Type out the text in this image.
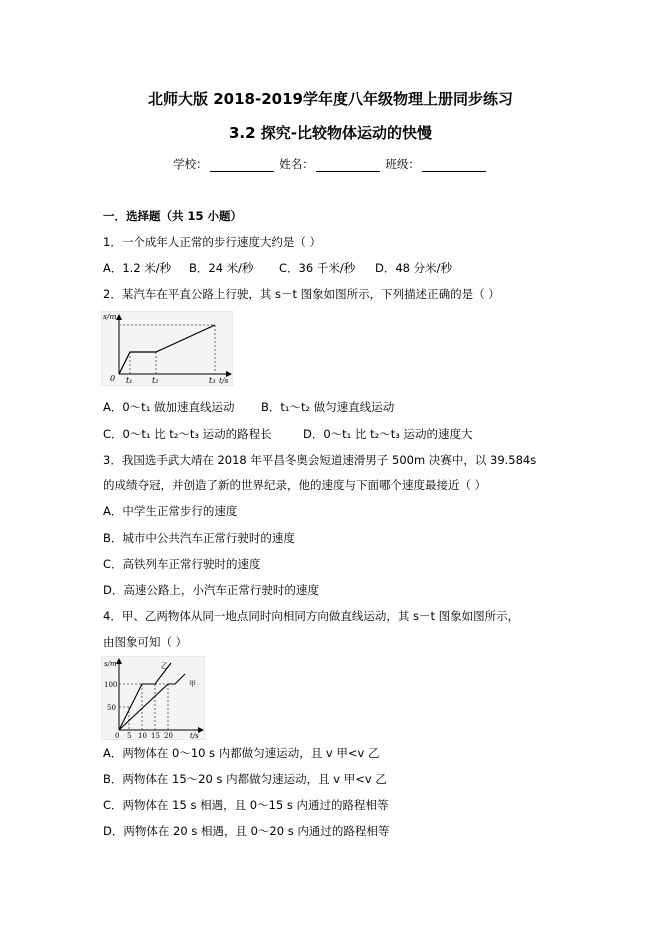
北师大版 2018-2019学年度八年级物理上册同步练习
3.2 探究-比较物体运动的快慢
学校：	姓名：	班级：
一．选择题（共 15 小题）
1．一个成年人正常的步行速度大约是（ ）
A．1.2 米/秒 B．24 米/秒 C．36 千米/秒 D．48 分米/秒
2．某汽车在平直公路上行驶，其 s－t 图象如图所示，下列描述正确的是（ ）
s/m
0 t₁ t₂	t₃ t/s
A．0～t₁ 做加速直线运动 B．t₁～t₂ 做匀速直线运动
C．0～t₁ 比 t₂～t₃ 运动的路程长	D．0～t₁ 比 t₂～t₃ 运动的速度大
3．我国选手武大靖在 2018 年平昌冬奥会短道速滑男子 500m 决赛中，以 39.584s
的成绩夺冠，并创造了新的世界纪录，他的速度与下面哪个速度最接近（ ）
A．中学生正常步行的速度
B．城市中公共汽车正常行驶时的速度
C．高铁列车正常行驶时的速度
D．高速公路上，小汽车正常行驶时的速度
4．甲、乙两物体从同一地点同时向相同方向做直线运动，其 s－t 图象如图所示，
由图象可知（ ）
s/m
100
50
0 5 10 15 20 t/s
乙
甲
A．两物体在 0～10 s 内都做匀速运动，且 v 甲<v 乙
B．两物体在 15～20 s 内都做匀速运动，且 v 甲<v 乙
C．两物体在 15 s 相遇，且 0～15 s 内通过的路程相等
D．两物体在 20 s 相遇，且 0～20 s 内通过的路程相等
